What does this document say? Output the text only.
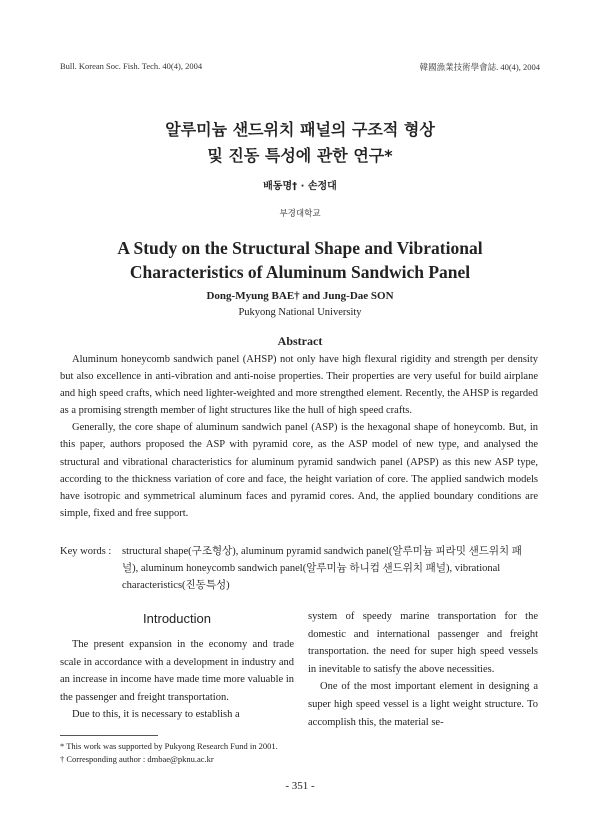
Bull. Korean Soc. Fish. Tech. 40(4), 2004	韓國漁業技術學會誌. 40(4), 2004
알루미늄 샌드위치 패널의 구조적 형상
및 진동 특성에 관한 연구*
배동명† · 손정대
부경대학교
A Study on the Structural Shape and Vibrational
Characteristics of Aluminum Sandwich Panel
Dong-Myung BAE† and Jung-Dae SON
Pukyong National University
Abstract

Aluminum honeycomb sandwich panel (AHSP) not only have high flexural rigidity and strength per density but also excellence in anti-vibration and anti-noise properties. Their properties are very useful for build airplane and high speed crafts, which need lighter-weighted and more strengthed element. Recently, the AHSP is regarded as a promising strength member of light structures like the hull of high speed crafts.

Generally, the core shape of aluminum sandwich panel (ASP) is the hexagonal shape of honeycomb. But, in this paper, authors proposed the ASP with pyramid core, as the ASP model of new type, and analysed the structural and vibrational characteristics for aluminum pyramid sandwich panel (APSP) as this new ASP type, according to the thickness variation of core and face, the height variation of core. The applied sandwich models have isotropic and symmetrical aluminum faces and pyramid cores. And, the applied boundary conditions are simple, fixed and free support.

Key words : structural shape(구조형상), aluminum pyramid sandwich panel(알루미늄 피라밋 샌드위치 패널), aluminum honeycomb sandwich panel(알루미늄 하니컴 샌드위치 패널), vibrational characteristics(진동특성)
Introduction

The present expansion in the economy and trade scale in accordance with a development in industry and an increase in income have made time more valuable in the passenger and freight transportation.

Due to this, it is necessary to establish a

system of speedy marine transportation for the domestic and international passenger and freight transportation. the need for super high speed vessels in inevitable to satisfy the above necessities.

One of the most important element in designing a super high speed vessel is a light weight structure. To accomplish this, the material se-

* This work was supported by Pukyong Research Fund in 2001.
† Corresponding author : dmbae@pknu.ac.kr
- 351 -
